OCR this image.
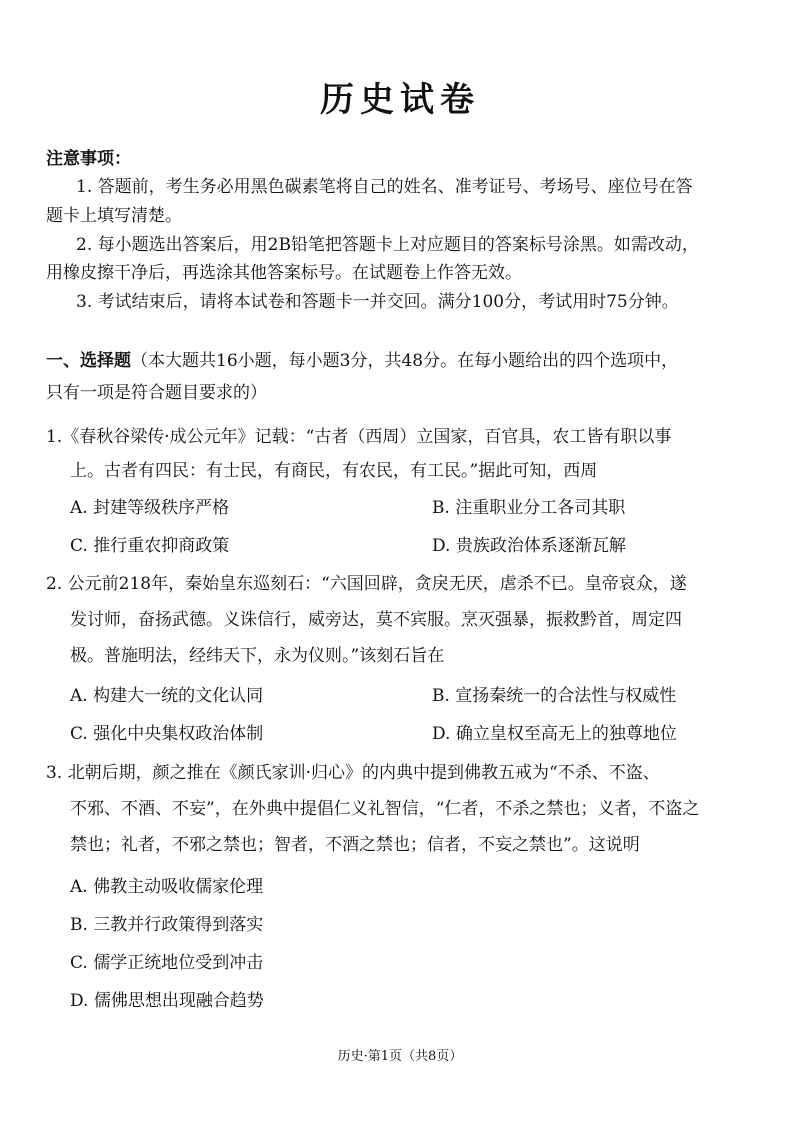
历史试卷
注意事项：
1. 答题前，考生务必用黑色碳素笔将自己的姓名、准考证号、考场号、座位号在答
题卡上填写清楚。
2. 每小题选出答案后，用2B铅笔把答题卡上对应题目的答案标号涂黑。如需改动，
用橡皮擦干净后，再选涂其他答案标号。在试题卷上作答无效。
3. 考试结束后，请将本试卷和答题卡一并交回。满分100分，考试用时75分钟。
一、选择题（本大题共16小题，每小题3分，共48分。在每小题给出的四个选项中，
只有一项是符合题目要求的）
1.《春秋谷梁传·成公元年》记载：“古者（西周）立国家，百官具，农工皆有职以事
上。古者有四民：有士民，有商民，有农民，有工民。”据此可知，西周
A. 封建等级秩序严格	B. 注重职业分工各司其职
C. 推行重农抑商政策	D. 贵族政治体系逐渐瓦解
2. 公元前218年，秦始皇东巡刻石：“六国回辟，贪戾无厌，虐杀不已。皇帝哀众，遂
发讨师，奋扬武德。义诛信行，威旁达，莫不宾服。烹灭强暴，振救黔首，周定四
极。普施明法，经纬天下，永为仪则。”该刻石旨在
A. 构建大一统的文化认同	B. 宣扬秦统一的合法性与权威性
C. 强化中央集权政治体制	D. 确立皇权至高无上的独尊地位
3. 北朝后期，颜之推在《颜氏家训·归心》的内典中提到佛教五戒为“不杀、不盗、
不邪、不酒、不妄”，在外典中提倡仁义礼智信，“仁者，不杀之禁也；义者，不盗之
禁也；礼者，不邪之禁也；智者，不酒之禁也；信者，不妄之禁也”。这说明
A. 佛教主动吸收儒家伦理
B. 三教并行政策得到落实
C. 儒学正统地位受到冲击
D. 儒佛思想出现融合趋势
历史·第1页（共8页）
